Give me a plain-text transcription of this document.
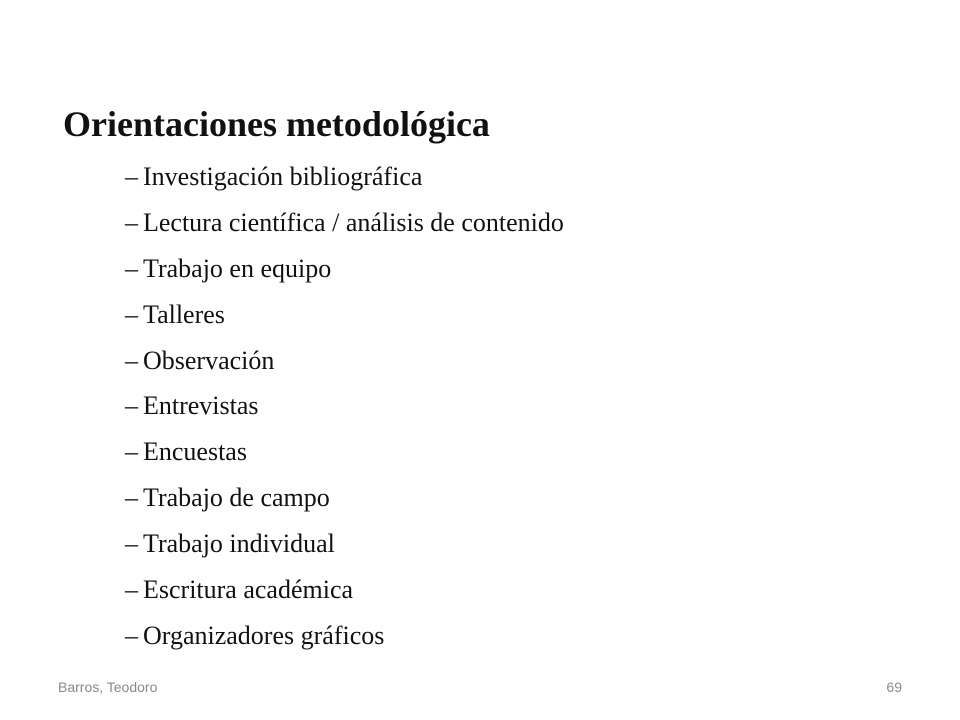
Orientaciones metodológica
– Investigación bibliográfica
– Lectura científica / análisis de contenido
– Trabajo en equipo
– Talleres
– Observación
– Entrevistas
– Encuestas
– Trabajo de campo
– Trabajo individual
– Escritura académica
– Organizadores gráficos
Barros, Teodoro	69
